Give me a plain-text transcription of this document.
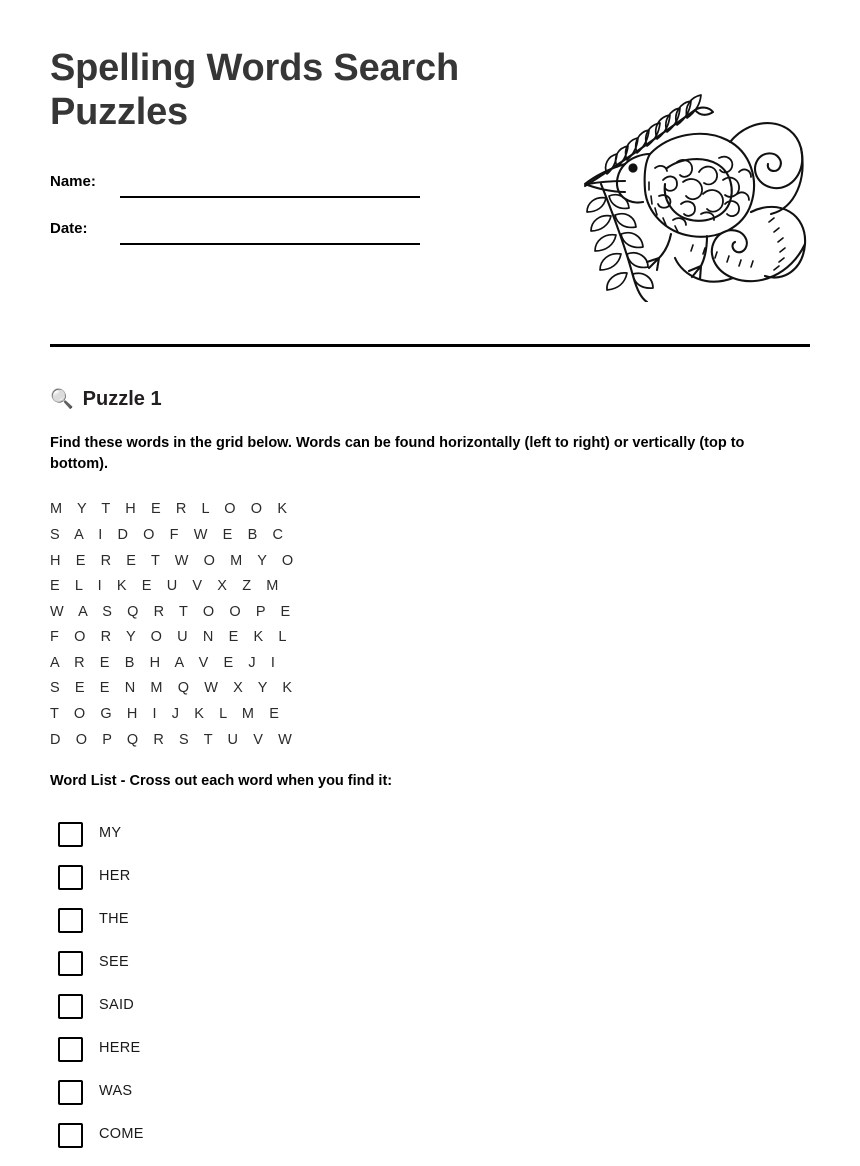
Spelling Words Search Puzzles
Name:
Date:
🔍 Puzzle 1
Find these words in the grid below. Words can be found horizontally (left to right) or vertically (top to bottom).
M Y T H E R L O O K
S A I D O F W E B C
H E R E T W O M Y O
E L I K E U V X Z M
W A S Q R T O O P E
F O R Y O U N E K L
A R E B H A V E J I
S E E N M Q W X Y K
T O G H I J K L M E
D O P Q R S T U V W
Word List - Cross out each word when you find it:
MY
HER
THE
SEE
SAID
HERE
WAS
COME
